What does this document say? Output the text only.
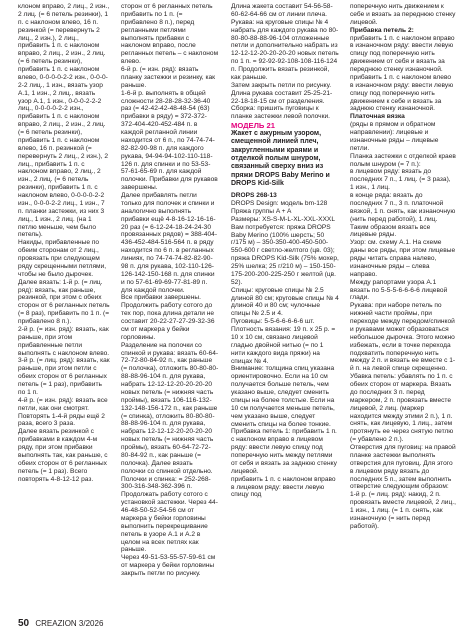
клоном вправо, 2 лиц., 2 изн., 2 лиц. (= 6 петель резинки), 1 п. с наклоном влево, 16 п. резинкой (= перевернуть 2 лиц., 2 изн.), 2 лиц., прибавить 1 п. с наклоном вправо, 2 лиц., 2 изн., 2 лиц. (= 6 петель резинки), прибавить 1 п. с наклоном влево, 0-0-0-0-2-2 изн., 0-0-0-2-2 лиц., 1 изн., вязать узор A.1, 1 изн., 2 лиц., вязать узор A.1, 1 изн., 0-0-0-2-2-2 лиц., 0-0-0-0-2-2 изн., прибавить 1 п. с наклоном вправо, 2 лиц., 2 изн., 2 лиц. (= 6 петель резинки), прибавить 1 п. с наклоном влево, 16 п. резинкой (= перевернуть 2 лиц., 2 изн.), 2 лиц., прибавить 1 п. с наклоном вправо, 2 лиц., 2 изн., 2 лиц. (= 6 петель резинки), прибавить 1 п. с наклоном влево, 0-0-0-0-2-2 изн., 0-0-0-2-2 лиц., 1 изн., 7 п. планки застежки, из них 3 лиц., 1 изн., 2 лиц. (на 1 петлю меньше, чем было петель).

Накиды, прибавленные по обеим сторонам от 2 лиц., провязать при следующем ряду скрещенными петлями, чтобы не было дырочек.

Далее вязать: 1-й р. (= лиц. ряд): вязать, как раньше, резинкой, при этом с обеих сторон от 6 регланных петель (= 8 раз), прибавить по 1 п. (= прибавлено 8 п.).

2-й р. (= изн. ряд): вязать, как раньше, при этом прибавленные петли выполнять с наклоном влево.

3-й р. (= лиц. ряд): вязать, как раньше, при этом петли с обеих сторон от 6 регланных петель (= 1 раз), прибавить по 1 п.

4-й р. (= изн. ряд): вязать все петли, как они смотрят.

Повторять 1-4-й ряды ещё 2 раза, всего 3 раза.

Далее вязать резинкой с прибавками в каждом 4-м ряду, при этом прибавки выполнять так, как раньше, с обеих сторон от 6 регланных петель (= 1 раз). Всего повторять 4-8-12-12 раз.

сторон от 6 регланных петель прибавить по 1 п. (= прибавлено 8 п.), перед регланными петлями выполнять прибавки с наклоном вправо, после регланных петель – с наклоном влево.

6-й р. (= изн. ряд): вязать планку застежки и резинку, как раньше.

1-6-й р. выполнять в общей сложности 28-28-28-32-36-40 раз (= 42-42-42-48-48-54 (63) прибавки в ряду) = 372-372-372-404-420-452-484 п. в каждой регланной линии находится от 6 п., по 74-74-74-82-82-90-98 п. для каждого рукава, 94-94-94-102-110-118-126 п. для спинки и по 53-53-57-61-65-69 п. для каждой полочки. Прибавки для рукавов завершены.

Далее прибавлять петли только для полочек и спинки и аналогично выполнять прибавки ещё 4-8-16-12-16-16-20 раз (= 6-12-24-18-24-24-30 провязанных рядов) = 388-404-436-452-484-516-564 п. в ряду находится по 6 п. в регланных линиях, по 74-74-74-82-82-90-98 п. для рукава, 102-110-126-126-142-150-168 п. для спинки и по 57-61-69-69-77-81-89 п. для каждой полочки.

Все прибавки завершены. Продолжить работу сотого до тех пор, пока длина детали не составит 20-22-27-27-29-32-36 см от маркера у бейки горловины.

Разделение на полочки со спинкой и рукава: вязать 60-64-72-72-80-84-92 п., как раньше (= полочка), отложить 80-80-80-88-88-96-104 п. для рукава, набрать 12-12-12-20-20-20-20 новых петель (= нижняя часть проймы), вязать 106-116-132-132-148-156-172 п., как раньше (= спинка), отложить 80-80-80-88-88-96-104 п. для рукава, набрать 12-12-12-20-20-20-20 новых петель (= нижняя часть проймы), вязать 60-64-72-72-80-84-92 п., как раньше (= полочка). Далее вязать полочки со спинкой отдельно.

Полочки и спинка: = 252-268-300-316-348-362-396 п. Продолжать работу сотого с установкой застежки. Через 44-46-48-50-52-54-56 см от маркера у бейки горловины выполнить перекрещивание петель в узоре A.1 и A.2 в целом на всех петлях как раньше.

Через 49-51-53-55-57-59-61 см от маркера у бейки горловины закрыть петли по рисунку.

Длина жакета составит 54-56-58-60-62-64-66 см от линии плеча.

Рукава: на круговые спицы № 4 набрать для каждого рукава по 80-80-80-88-88-96-104 отложенные петли и дополнительно набрать из 12-12-12-20-20-20-20 новых петель по 1 п. = 92-92-92-108-108-116-124 п. Продолжить вязать резинкой, как раньше.

Затем закрыть петли по рисунку. Длина рукава составит 25-25-21-22-18-18-15 см от разделения.

Сборка: пришить пуговицы к планке застежки левой полочки.

МОДЕЛЬ 21

Жакет с ажурным узором, смещенной линией плеч, закругленными краями и отделкой полым шнуром, связанный сверху вниз из пряжи DROPS Baby Merino и DROPS Kid-Silk

DROPS 268-13

DROPS Design: модель bm-128

Пряжа группы A + A

Размеры: XS-S-M-L-XL-XXL-XXXL

Вам потребуется: пряжа DROPS Baby Merino (100% шерсть; 50 г/175 м) – 350-350-400-450-500-550-600 г светло-желтого (цв. 03); пряжа DROPS Kid-Silk (75% мохер, 25% шелка; 25 г/210 м) – 150-150-175-200-200-225-250 г желтой (цв. 52).

Спицы: круговые спицы № 2.5 длиной 80 см; круговые спицы № 4 длиной 40 и 80 см; чулочные спицы № 2.5 и 4.

Пуговицы: 5-5-6-6-6-6-6 шт.

Плотность вязания: 19 п. x 25 р. = 10 x 10 см, связано лицевой гладью двойной нитью (= по 1 нити каждого вида пряжи) на спицах № 4.

Внимание: толщина спиц указана ориентировочно. Если на 10 см получается больше петель, чем указано выше, следует сменить спицы на более толстые. Если на 10 см получается меньше петель, чем указано выше, следует сменить спицы на более тонкие.

Прибавка петель 1: прибавить 1 п. с наклоном вправо в лицевом ряду: ввести левую спицу под поперечную нить между петлями от себя и вязать за заднюю стенку лицевой.

прибавить 1 п. с наклоном вправо в лицевом ряду: ввести левую спицу под

поперечную нить движением к себе и вязать за переднюю стенку лицевой.

Прибавка петель 2:

прибавить 1 п. с наклоном вправо в изнаночном ряду: ввести левую спицу под поперечную нить движением от себя и вязать за переднюю стенку изнаночной.

прибавить 1 п. с наклоном влево в изнаночном ряду: ввести левую спицу под поперечную нить движением к себе и вязать за заднюю стенку изнаночной.

Платочная вязка

(ряды в прямом и обратном направлении): лицевые и изнаночные ряды – лицевые петли.

Планка застежки с отделкой краев полым шнуром (= 7 п.):

в лицевом ряду: вязать до последних 7 п., 1 лиц. (= 3 раза), 1 изн., 1 лиц.

в конце ряда: вязать до последних 7 п., 3 п. платочной вязкой, 1 п. снять, как изнаночную (нить перед работой), 1 лиц.

Таким образом вязать все лицевые ряды.

Узор: см. схему A.1. На схеме даны все ряды, при этом лицевые ряды читать справа налево, изнаночные ряды – слева направо.

Между рапортами узора A.1 вязать по 5-5-5-6-6-6-6 лицевой глади.

Рукава: при наборе петель по нижней части проймы, при переходе между передом/спинкой и рукавами может образоваться небольшое дырочка. Этого можно избежать, если в точке перехода подхватить поперечную нить между 2 п. и вязать ее вместе с 1-й п. на левой спице скрещенно.

Убавка петель: убавлять по 1 п. с обеих сторон от маркера. Вязать до последних 3 п. перед маркером, 2 п. провязать вместе лицевой, 2 лиц. (маркер находится между этими 2 п.), 1 п. снять, как лицевую, 1 лиц., затем протянуть ее через снятую петлю (= убавлено 2 п.).

Отверстия для пуговиц: на правой планке застежки выполнять отверстия для пуговиц. Для этого в лицевом ряду вязать до последних 5 п., затем выполнить отверстие следующим образом:

1-й р. (= лиц. ряд): накид, 2 п. провязать вместе лицевой, 2 лиц., 1 изн., 1 лиц. (= 1 п. снять, как изнаночную (= нить перед работой).

50 CREAZION 3/2026
